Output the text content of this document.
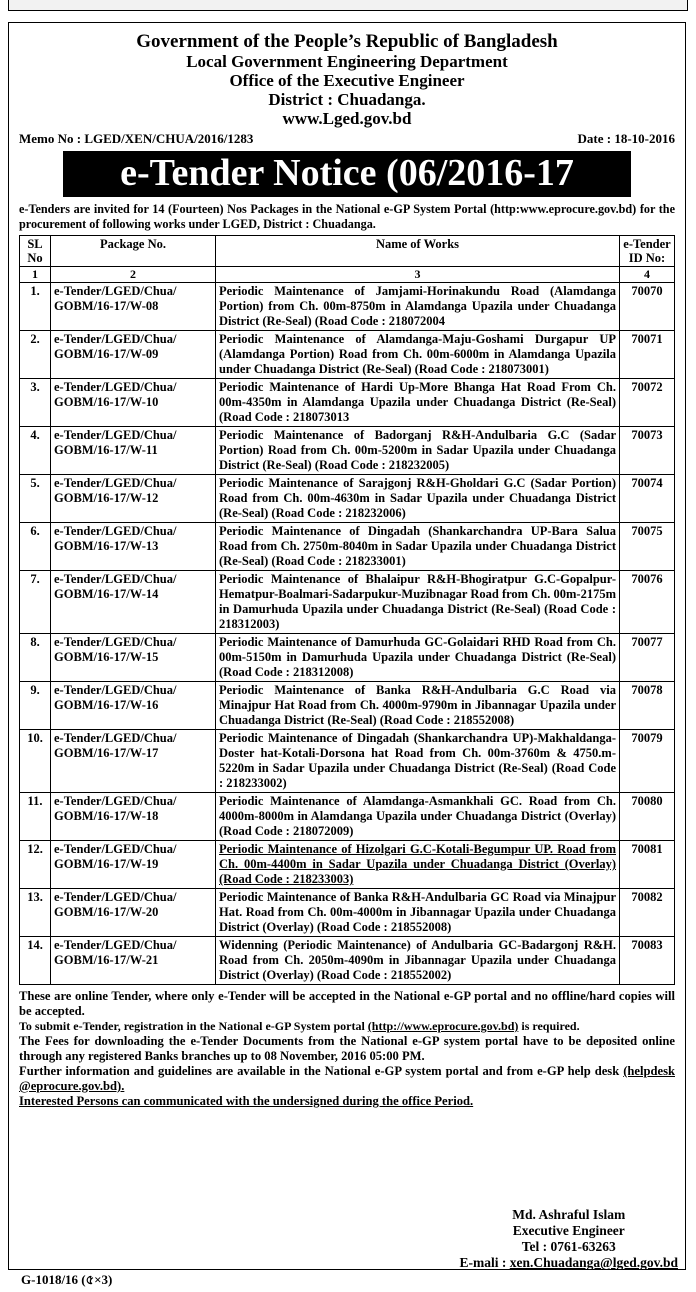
Government of the People’s Republic of Bangladesh
Local Government Engineering Department
Office of the Executive Engineer
District : Chuadanga.
www.Lged.gov.bd
Memo No : LGED/XEN/CHUA/2016/1283	Date : 18-10-2016
e-Tender Notice (06/2016-17
e-Tenders are invited for 14 (Fourteen) Nos Packages in the National e-GP System Portal (http:www.eprocure.gov.bd) for the procurement of following works under LGED, District : Chuadanga.
SL No	Package No.	Name of Works	e-Tender ID No:
1	2	3	4
1.	e-Tender/LGED/Chua/ GOBM/16-17/W-08	Periodic Maintenance of Jamjami-Horinakundu Road (Alamdanga Portion) from Ch. 00m-8750m in Alamdanga Upazila under Chuadanga District (Re-Seal) (Road Code : 218072004	70070
2.	e-Tender/LGED/Chua/ GOBM/16-17/W-09	Periodic Maintenance of Alamdanga-Maju-Goshami Durgapur UP (Alamdanga Portion) Road from Ch. 00m-6000m in Alamdanga Upazila under Chuadanga District (Re-Seal) (Road Code : 218073001)	70071
3.	e-Tender/LGED/Chua/ GOBM/16-17/W-10	Periodic Maintenance of Hardi Up-More Bhanga Hat Road From Ch. 00m-4350m in Alamdanga Upazila under Chuadanga District (Re-Seal) (Road Code : 218073013	70072
4.	e-Tender/LGED/Chua/ GOBM/16-17/W-11	Periodic Maintenance of Badorganj R&H-Andulbaria G.C (Sadar Portion) Road from Ch. 00m-5200m in Sadar Upazila under Chuadanga District (Re-Seal) (Road Code : 218232005)	70073
5.	e-Tender/LGED/Chua/ GOBM/16-17/W-12	Periodic Maintenance of Sarajgonj R&H-Gholdari G.C (Sadar Portion) Road from Ch. 00m-4630m in Sadar Upazila under Chuadanga District (Re-Seal) (Road Code : 218232006)	70074
6.	e-Tender/LGED/Chua/ GOBM/16-17/W-13	Periodic Maintenance of Dingadah (Shankarchandra UP-Bara Salua Road from Ch. 2750m-8040m in Sadar Upazila under Chuadanga District (Re-Seal) (Road Code : 218233001)	70075
7.	e-Tender/LGED/Chua/ GOBM/16-17/W-14	Periodic Maintenance of Bhalaipur R&H-Bhogiratpur G.C-Gopalpur-Hematpur-Boalmari-Sadarpukur-Muzibnagar Road from Ch. 00m-2175m in Damurhuda Upazila under Chuadanga District (Re-Seal) (Road Code : 218312003)	70076
8.	e-Tender/LGED/Chua/ GOBM/16-17/W-15	Periodic Maintenance of Damurhuda GC-Golaidari RHD Road from Ch. 00m-5150m in Damurhuda Upazila under Chuadanga District (Re-Seal) (Road Code : 218312008)	70077
9.	e-Tender/LGED/Chua/ GOBM/16-17/W-16	Periodic Maintenance of Banka R&H-Andulbaria G.C Road via Minajpur Hat Road from Ch. 4000m-9790m in Jibannagar Upazila under Chuadanga District (Re-Seal) (Road Code : 218552008)	70078
10.	e-Tender/LGED/Chua/ GOBM/16-17/W-17	Periodic Maintenance of Dingadah (Shankarchandra UP)-Makhaldanga-Doster hat-Kotali-Dorsona hat Road from Ch. 00m-3760m & 4750.m-5220m in Sadar Upazila under Chuadanga District (Re-Seal) (Road Code : 218233002)	70079
11.	e-Tender/LGED/Chua/ GOBM/16-17/W-18	Periodic Maintenance of Alamdanga-Asmankhali GC. Road from Ch. 4000m-8000m in Alamdanga Upazila under Chuadanga District (Overlay) (Road Code : 218072009)	70080
12.	e-Tender/LGED/Chua/ GOBM/16-17/W-19	Periodic Maintenance of Hizolgari G.C-Kotali-Begumpur UP. Road from Ch. 00m-4400m in Sadar Upazila under Chuadanga District (Overlay) (Road Code : 218233003)	70081
13.	e-Tender/LGED/Chua/ GOBM/16-17/W-20	Periodic Maintenance of Banka R&H-Andulbaria GC Road via Minajpur Hat. Road from Ch. 00m-4000m in Jibannagar Upazila under Chuadanga District (Overlay) (Road Code : 218552008)	70082
14.	e-Tender/LGED/Chua/ GOBM/16-17/W-21	Widenning (Periodic Maintenance) of Andulbaria GC-Badargonj R&H. Road from Ch. 2050m-4090m in Jibannagar Upazila under Chuadanga District (Overlay) (Road Code : 218552002)	70083

These are online Tender, where only e-Tender will be accepted in the National e-GP portal and no offline/hard copies will be accepted.

To submit e-Tender, registration in the National e-GP System portal (http://www.eprocure.gov.bd) is required.

The Fees for downloading the e-Tender Documents from the National e-GP system portal have to be deposited online through any registered Banks branches up to 08 November, 2016 05:00 PM.

Further information and guidelines are available in the National e-GP system portal and from e-GP help desk (helpdesk @eprocure.gov.bd).

Interested Persons can communicated with the undersigned during the office Period.

G-1018/16 (৫×3)
Md. Ashraful Islam
Executive Engineer
Tel : 0761-63263
E-mali : xen.Chuadanga@lged.gov.bd
